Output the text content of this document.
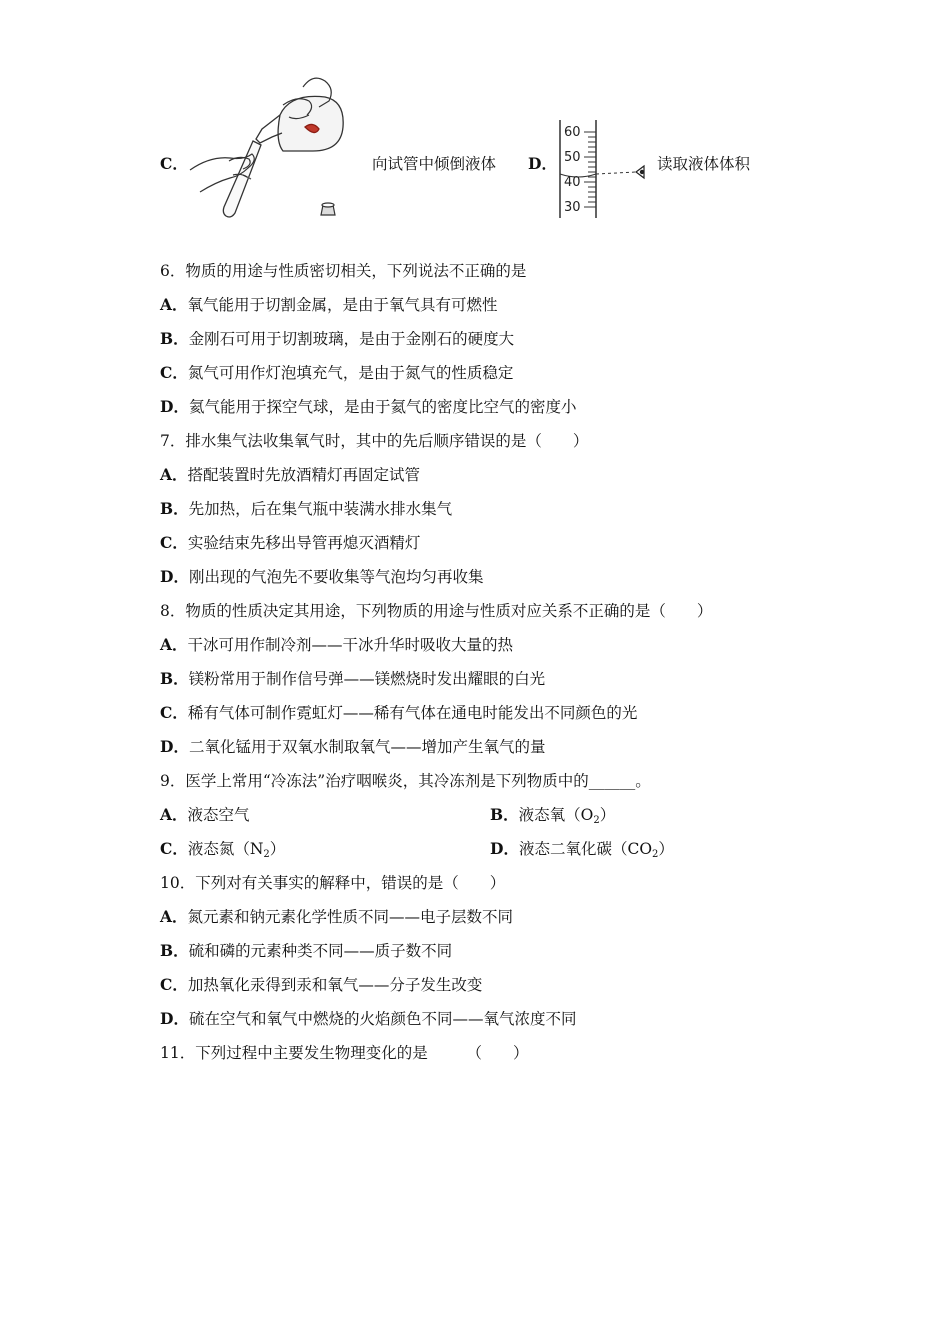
C．	向试管中倾倒液体 D．
60
50
40
30
读取液体体积
6．物质的用途与性质密切相关，下列说法不正确的是
A．氧气能用于切割金属，是由于氧气具有可燃性
B．金刚石可用于切割玻璃，是由于金刚石的硬度大
C．氮气可用作灯泡填充气，是由于氮气的性质稳定
D．氦气能用于探空气球，是由于氦气的密度比空气的密度小
7．排水集气法收集氧气时，其中的先后顺序错误的是（　　）
A．搭配装置时先放酒精灯再固定试管
B．先加热，后在集气瓶中装满水排水集气
C．实验结束先移出导管再熄灭酒精灯
D．刚出现的气泡先不要收集等气泡均匀再收集
8．物质的性质决定其用途，下列物质的用途与性质对应关系不正确的是（　　）
A．干冰可用作制冷剂——干冰升华时吸收大量的热
B．镁粉常用于制作信号弹——镁燃烧时发出耀眼的白光
C．稀有气体可制作霓虹灯——稀有气体在通电时能发出不同颜色的光
D．二氧化锰用于双氧水制取氧气——增加产生氧气的量
9．医学上常用“冷冻法”治疗咽喉炎，其冷冻剂是下列物质中的______。
A．液态空气	B．液态氧$(O_2)$
C．液态氮$(N_2)$	D．液态二氧化碳$(CO_2)$
10．下列对有关事实的解释中，错误的是（　　）
A．氮元素和钠元素化学性质不同——电子层数不同
B．硫和磷的元素种类不同——质子数不同
C．加热氧化汞得到汞和氧气——分子发生改变
D．硫在空气和氧气中燃烧的火焰颜色不同——氧气浓度不同
11．下列过程中主要发生物理变化的是　　　（　　）
